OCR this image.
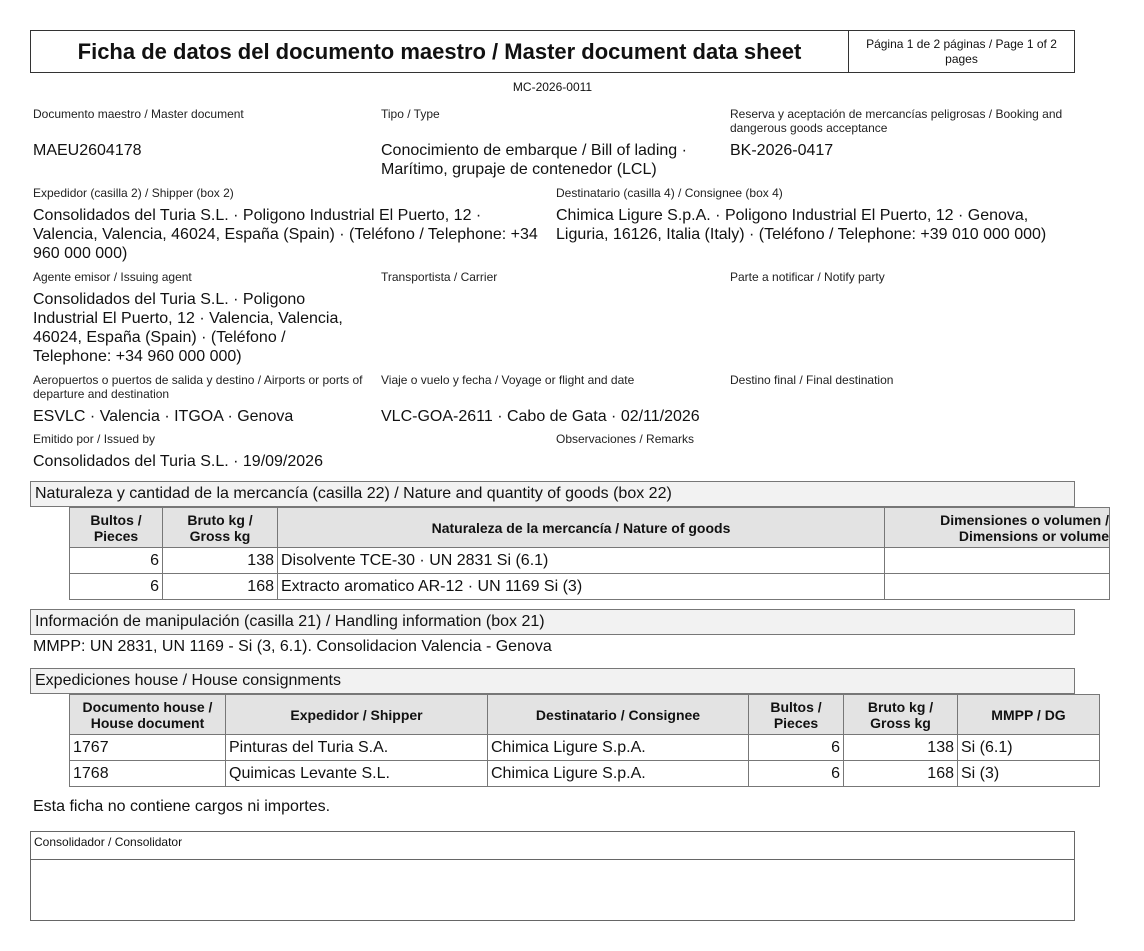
Ficha de datos del documento maestro / Master document data sheet	Página 1 de 2 páginas / Page 1 of 2 pages
MC-2026-0011
Documento maestro / Master document
MAEU2604178
Tipo / Type
Conocimiento de embarque / Bill of lading · Marítimo, grupaje de contenedor (LCL)
Reserva y aceptación de mercancías peligrosas / Booking and dangerous goods acceptance
BK-2026-0417
Expedidor (casilla 2) / Shipper (box 2)
Consolidados del Turia S.L. · Poligono Industrial El Puerto, 12 · Valencia, Valencia, 46024, España (Spain) · (Teléfono / Telephone: +34 960 000 000)
Destinatario (casilla 4) / Consignee (box 4)
Chimica Ligure S.p.A. · Poligono Industrial El Puerto, 12 · Genova, Liguria, 16126, Italia (Italy) · (Teléfono / Telephone: +39 010 000 000)
Agente emisor / Issuing agent
Consolidados del Turia S.L. · Poligono Industrial El Puerto, 12 · Valencia, Valencia, 46024, España (Spain) · (Teléfono / Telephone: +34 960 000 000)
Transportista / Carrier	Parte a notificar / Notify party
Aeropuertos o puertos de salida y destino / Airports or ports of departure and destination
ESVLC · Valencia · ITGOA · Genova
Viaje o vuelo y fecha / Voyage or flight and date
VLC-GOA-2611 · Cabo de Gata · 02/11/2026
Destino final / Final destination
Emitido por / Issued by
Consolidados del Turia S.L. · 19/09/2026
Observaciones / Remarks
Naturaleza y cantidad de la mercancía (casilla 22) / Nature and quantity of goods (box 22)
Bultos / Pieces	Bruto kg / Gross kg	Naturaleza de la mercancía / Nature of goods	Dimensiones o volumen / Dimensions or volume
6	138	Disolvente TCE-30 · UN 2831 Si (6.1)	
6	168	Extracto aromatico AR-12 · UN 1169 Si (3)	
Información de manipulación (casilla 21) / Handling information (box 21)
MMPP: UN 2831, UN 1169 - Si (3, 6.1). Consolidacion Valencia - Genova
Expediciones house / House consignments
Documento house / House document	Expedidor / Shipper	Destinatario / Consignee	Bultos / Pieces	Bruto kg / Gross kg	MMPP / DG
1767	Pinturas del Turia S.A.	Chimica Ligure S.p.A.	6	138	Si (6.1)
1768	Quimicas Levante S.L.	Chimica Ligure S.p.A.	6	168	Si (3)
Esta ficha no contiene cargos ni importes.
Consolidador / Consolidator
